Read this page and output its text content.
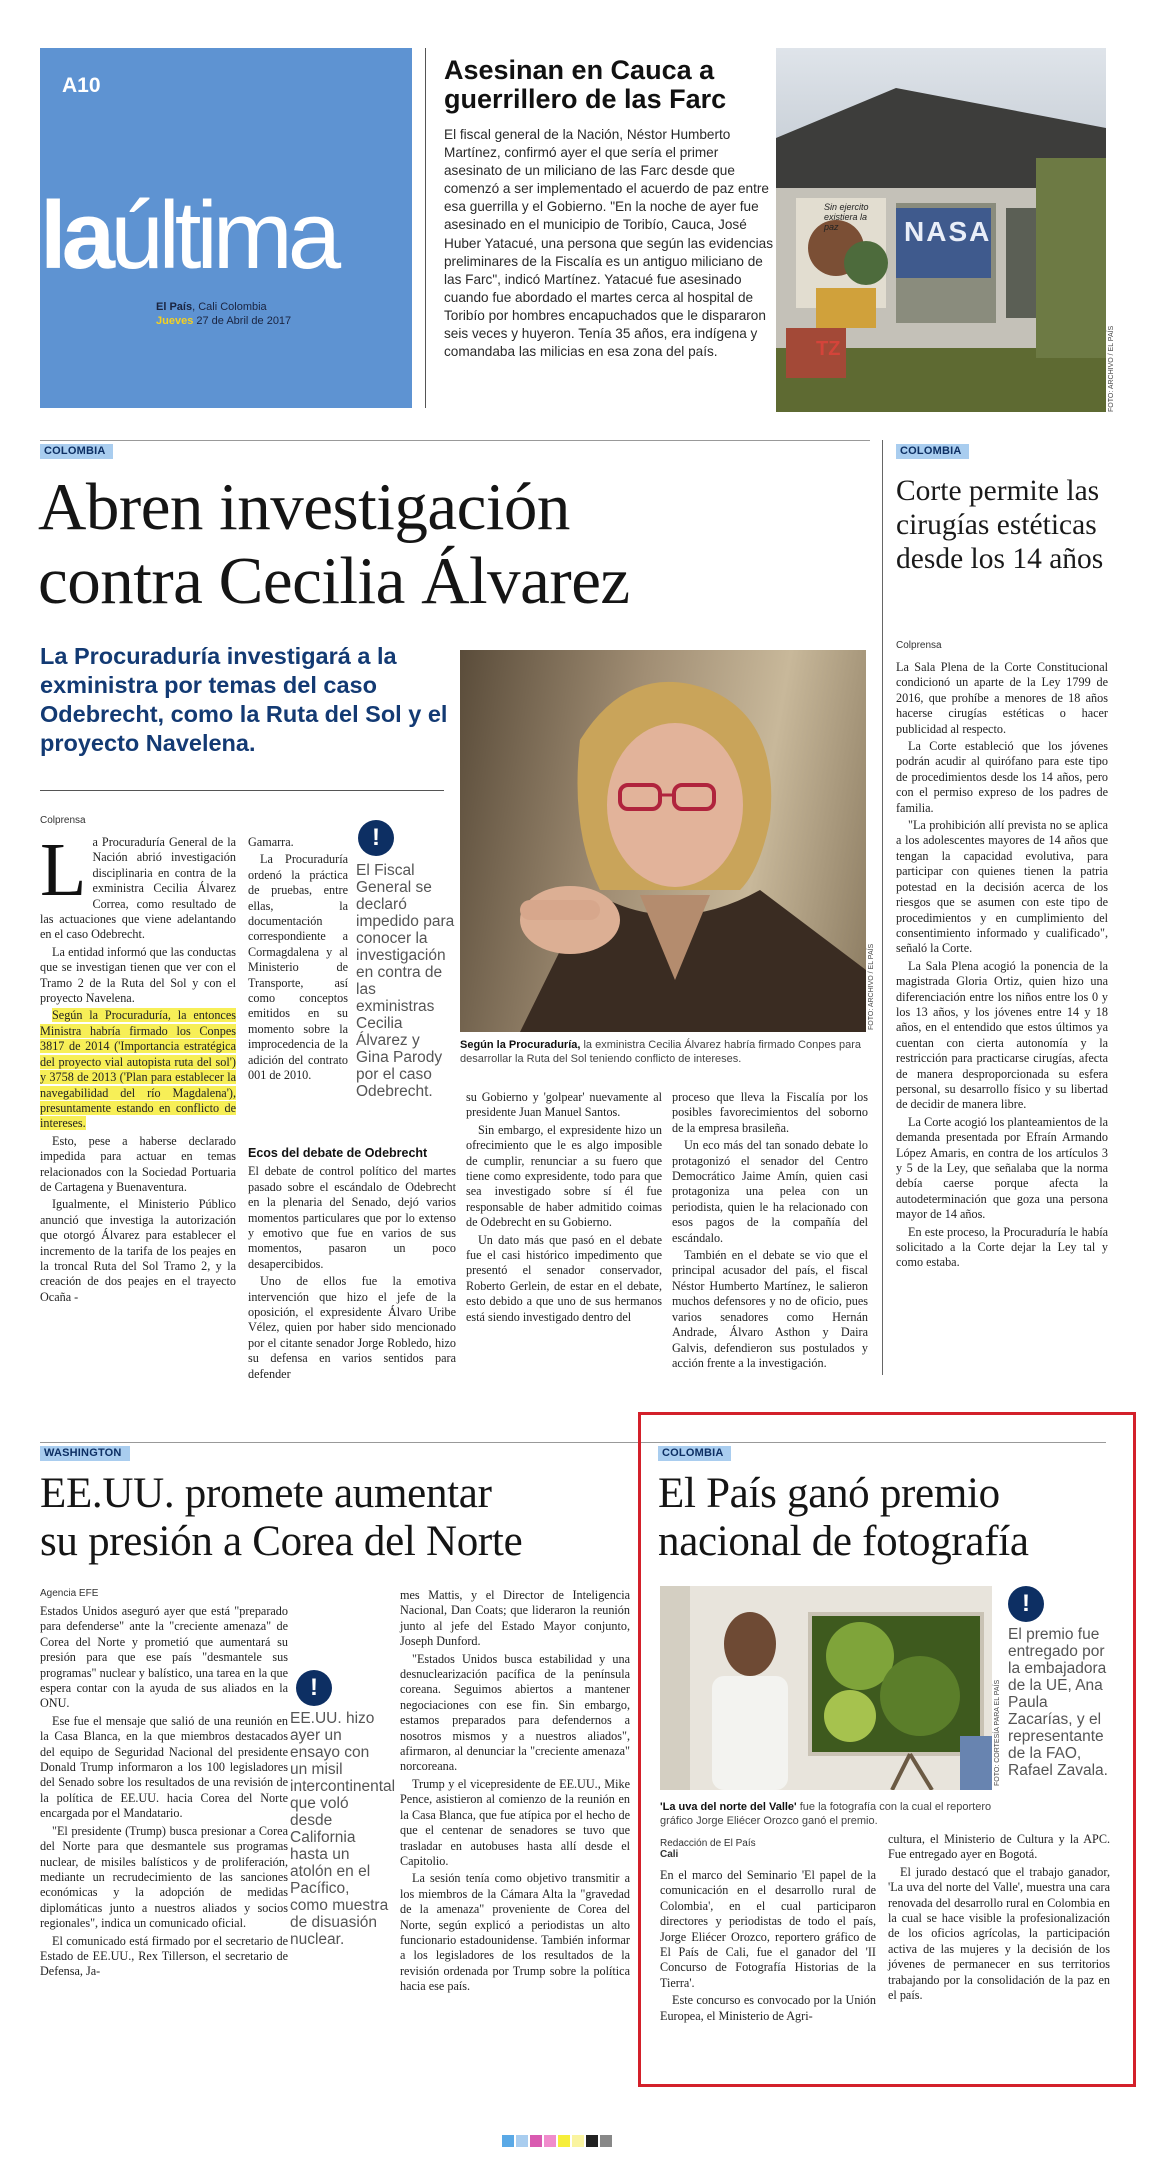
A10
laúltima
El País, Cali Colombia
Jueves 27 de Abril de 2017
Asesinan en Cauca a
guerrillero de las Farc
El fiscal general de la Nación, Néstor Humberto Martínez, confirmó ayer el que sería el primer asesinato de un miliciano de las Farc desde que comenzó a ser implementado el acuerdo de paz entre esa guerrilla y el Gobierno. "En la noche de ayer fue asesinado en el municipio de Toribío, Cauca, José Huber Yatacué, una persona que según las evidencias preliminares de la Fiscalía es un antiguo miliciano de las Farc", indicó Martínez. Yatacué fue asesinado cuando fue abordado el martes cerca al hospital de Toribío por hombres encapuchados que le dispararon seis veces y huyeron. Tenía 35 años, era indígena y comandaba las milicias en esa zona del país.
Sin ejercito existiera la paz	NASA
TZ	FOTO: ARCHIVO / EL PAÍS
COLOMBIA
Abren investigación
contra Cecilia Álvarez
La Procuraduría investigará a la exministra por temas del caso Odebrecht, como la Ruta del Sol y el proyecto Navelena.
FOTO: ARCHIVO / EL PAÍS
Según la Procuraduría, la exministra Cecilia Álvarez habría firmado Conpes para desarrollar la Ruta del Sol teniendo conflicto de intereses.
Colprensa

La Procuraduría General de la Nación abrió investigación disciplinaria en contra de la exministra Cecilia Álvarez Correa, como resultado de las actuaciones que viene adelantando en el caso Odebrecht.

La entidad informó que las conductas que se investigan tienen que ver con el Tramo 2 de la Ruta del Sol y con el proyecto Navelena.

Según la Procuraduría, la entonces Ministra habría firmado los Conpes 3817 de 2014 ('Importancia estratégica del proyecto vial autopista ruta del sol') y 3758 de 2013 ('Plan para establecer la navegabilidad del río Magdalena'), presuntamente estando en conflicto de intereses.

Esto, pese a haberse declarado impedida para actuar en temas relacionados con la Sociedad Portuaria de Cartagena y Buenaventura.

Igualmente, el Ministerio Público anunció que investiga la autorización que otorgó Álvarez para establecer el incremento de la tarifa de los peajes en la troncal Ruta del Sol Tramo 2, y la creación de dos peajes en el trayecto Ocaña -

Gamarra.

La Procuraduría ordenó la práctica de pruebas, entre ellas, la documentación correspondiente a Cormagdalena y al Ministerio de Transporte, así como conceptos emitidos en su momento sobre la improcedencia de la adición del contrato 001 de 2010.

!
El Fiscal General se declaró impedido para conocer la investigación en contra de las exministras Cecilia Álvarez y Gina Parody por el caso Odebrecht.
Ecos del debate de Odebrecht

El debate de control político del martes pasado sobre el escándalo de Odebrecht en la plenaria del Senado, dejó varios momentos particulares que por lo extenso y emotivo que fue en varios de sus momentos, pasaron un poco desapercibidos.

Uno de ellos fue la emotiva intervención que hizo el jefe de la oposición, el expresidente Álvaro Uribe Vélez, quien por haber sido mencionado por el citante senador Jorge Robledo, hizo su defensa en varios sentidos para defender

su Gobierno y 'golpear' nuevamente al presidente Juan Manuel Santos.

Sin embargo, el expresidente hizo un ofrecimiento que le es algo imposible de cumplir, renunciar a su fuero que tiene como expresidente, todo para que sea investigado sobre sí él fue responsable de haber admitido coimas de Odebrecht en su Gobierno.

Un dato más que pasó en el debate fue el casi histórico impedimento que presentó el senador conservador, Roberto Gerlein, de estar en el debate, esto debido a que uno de sus hermanos está siendo investigado dentro del

proceso que lleva la Fiscalía por los posibles favorecimientos del soborno de la empresa brasileña.

Un eco más del tan sonado debate lo protagonizó el senador del Centro Democrático Jaime Amín, quien casi protagoniza una pelea con un periodista, quien le ha relacionado con esos pagos de la compañía del escándalo.

También en el debate se vio que el principal acusador del país, el fiscal Néstor Humberto Martínez, le salieron muchos defensores y no de oficio, pues varios senadores como Hernán Andrade, Álvaro Asthon y Daira Galvis, defendieron sus postulados y acción frente a la investigación.

COLOMBIA
Corte permite las cirugías estéticas desde los 14 años
Colprensa

La Sala Plena de la Corte Constitucional condicionó un aparte de la Ley 1799 de 2016, que prohíbe a menores de 18 años hacerse cirugías estéticas o hacer publicidad al respecto.

La Corte estableció que los jóvenes podrán acudir al quirófano para este tipo de procedimientos desde los 14 años, pero con el permiso expreso de los padres de familia.

"La prohibición allí prevista no se aplica a los adolescentes mayores de 14 años que tengan la capacidad evolutiva, para participar con quienes tienen la patria potestad en la decisión acerca de los riesgos que se asumen con este tipo de procedimientos y en cumplimiento del consentimiento informado y cualificado", señaló la Corte.

La Sala Plena acogió la ponencia de la magistrada Gloria Ortiz, quien hizo una diferenciación entre los niños entre los 0 y los 13 años, y los jóvenes entre 14 y 18 años, en el entendido que estos últimos ya cuentan con cierta autonomía y la restricción para practicarse cirugías, afecta de manera desproporcionada su esfera personal, su desarrollo físico y su libertad de decidir de manera libre.

La Corte acogió los planteamientos de la demanda presentada por Efraín Armando López Amaris, en contra de los artículos 3 y 5 de la Ley, que señalaba que la norma debía caerse porque afecta la autodeterminación que goza una persona mayor de 14 años.

En este proceso, la Procuraduría le había solicitado a la Corte dejar la Ley tal y como estaba.

WASHINGTON
EE.UU. promete aumentar
su presión a Corea del Norte
Agencia EFE

Estados Unidos aseguró ayer que está "preparado para defenderse" ante la "creciente amenaza" de Corea del Norte y prometió que aumentará su presión para que ese país "desmantele sus programas" nuclear y balístico, una tarea en la que espera contar con la ayuda de sus aliados en la ONU.

Ese fue el mensaje que salió de una reunión en la Casa Blanca, en la que miembros destacados del equipo de Seguridad Nacional del presidente Donald Trump informaron a los 100 legisladores del Senado sobre los resultados de una revisión de la política de EE.UU. hacia Corea del Norte encargada por el Mandatario.

"El presidente (Trump) busca presionar a Corea del Norte para que desmantele sus programas nuclear, de misiles balísticos y de proliferación, mediante un recrudecimiento de las sanciones económicas y la adopción de medidas diplomáticas junto a nuestros aliados y socios regionales", indica un comunicado oficial.

El comunicado está firmado por el secretario de Estado de EE.UU., Rex Tillerson, el secretario de Defensa, Ja-

!
EE.UU. hizo ayer un ensayo con un misil intercontinental que voló desde California hasta un atolón en el Pacífico, como muestra de disuasión nuclear.

mes Mattis, y el Director de Inteligencia Nacional, Dan Coats; que lideraron la reunión junto al jefe del Estado Mayor conjunto, Joseph Dunford.

"Estados Unidos busca estabilidad y una desnuclearización pacífica de la península coreana. Seguimos abiertos a mantener negociaciones con ese fin. Sin embargo, estamos preparados para defendernos a nosotros mismos y a nuestros aliados", afirmaron, al denunciar la "creciente amenaza" norcoreana.

Trump y el vicepresidente de EE.UU., Mike Pence, asistieron al comienzo de la reunión en la Casa Blanca, que fue atípica por el hecho de que el centenar de senadores se tuvo que trasladar en autobuses hasta allí desde el Capitolio.

La sesión tenía como objetivo transmitir a los miembros de la Cámara Alta la "gravedad de la amenaza" proveniente de Corea del Norte, según explicó a periodistas un alto funcionario estadounidense. También informar a los legisladores de los resultados de la revisión ordenada por Trump sobre la política hacia ese país.

COLOMBIA
El País ganó premio
nacional de fotografía
FOTO: CORTESÍA PARA EL PAÍS
'La uva del norte del Valle' fue la fotografía con la cual el reportero gráfico Jorge Eliécer Orozco ganó el premio.
!
El premio fue entregado por la embajadora de la UE, Ana Paula Zacarías, y el representante de la FAO, Rafael Zavala.
Redacción de El País
Cali

En el marco del Seminario 'El papel de la comunicación en el desarrollo rural de Colombia', en el cual participaron directores y periodistas de todo el país, Jorge Eliécer Orozco, reportero gráfico de El País de Cali, fue el ganador del 'II Concurso de Fotografía Historias de la Tierra'.

Este concurso es convocado por la Unión Europea, el Ministerio de Agri-

cultura, el Ministerio de Cultura y la APC. Fue entregado ayer en Bogotá.

El jurado destacó que el trabajo ganador, 'La uva del norte del Valle', muestra una cara renovada del desarrollo rural en Colombia en la cual se hace visible la profesionalización de los oficios agrícolas, la participación activa de las mujeres y la decisión de los jóvenes de permanecer en sus territorios trabajando por la consolidación de la paz en el país.
